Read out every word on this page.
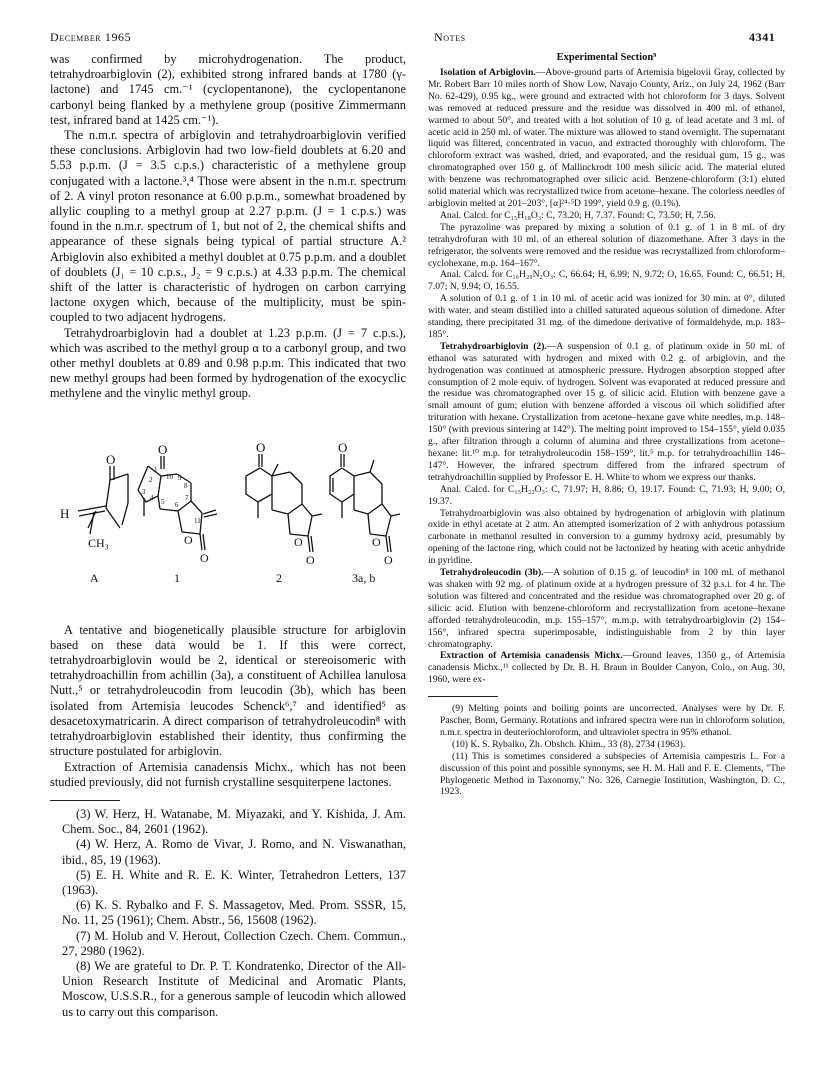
December 1965	Notes	4341

was confirmed by microhydrogenation. The product, tetrahydroarbiglovin (2), exhibited strong infrared bands at 1780 (γ-lactone) and 1745 cm.⁻¹ (cyclopentanone), the cyclopentanone carbonyl being flanked by a methylene group (positive Zimmermann test, infrared band at 1425 cm.⁻¹).

The n.m.r. spectra of arbiglovin and tetrahydroarbiglovin verified these conclusions. Arbiglovin had two low-field doublets at 6.20 and 5.53 p.p.m. (J = 3.5 c.p.s.) characteristic of a methylene group conjugated with a lactone.³,⁴ Those were absent in the n.m.r. spectrum of 2. A vinyl proton resonance at 6.00 p.p.m., somewhat broadened by allylic coupling to a methyl group at 2.27 p.p.m. (J = 1 c.p.s.) was found in the n.m.r. spectrum of 1, but not of 2, the chemical shifts and appearance of these signals being typical of partial structure A.² Arbiglovin also exhibited a methyl doublet at 0.75 p.p.m. and a doublet of doublets (J₁ = 10 c.p.s., J₂ = 9 c.p.s.) at 4.33 p.p.m. The chemical shift of the latter is characteristic of hydrogen on carbon carrying lactone oxygen which, because of the multiplicity, must be spin-coupled to two adjacent hydrogens.

Tetrahydroarbiglovin had a doublet at 1.23 p.p.m. (J = 7 c.p.s.), which was ascribed to the methyl group α to a carbonyl group, and two other methyl doublets at 0.89 and 0.98 p.p.m. This indicated that two new methyl groups had been formed by hydrogenation of the exocyclic methylene and the vinylic methyl group.

H
CH₃
O
O
O
O
O
O
O
O
O
O
1
2
3
4 5 6
7
8
9
10
11
A	1	2	3a, b

A tentative and biogenetically plausible structure for arbiglovin based on these data would be 1. If this were correct, tetrahydroarbiglovin would be 2, identical or stereoisomeric with tetrahydroachillin from achillin (3a), a constituent of Achillea lanulosa Nutt.,⁵ or tetrahydroleucodin from leucodin (3b), which has been isolated from Artemisia leucodes Schenck⁶,⁷ and identified⁵ as desacetoxymatricarin. A direct comparison of tetrahydroleucodin⁸ with tetrahydroarbiglovin established their identity, thus confirming the structure postulated for arbiglovin.

Extraction of Artemisia canadensis Michx., which has not been studied previously, did not furnish crystalline sesquiterpene lactones.

(3) W. Herz, H. Watanabe, M. Miyazaki, and Y. Kishida, J. Am. Chem. Soc., 84, 2601 (1962).

(4) W. Herz, A. Romo de Vivar, J. Romo, and N. Viswanathan, ibid., 85, 19 (1963).

(5) E. H. White and R. E. K. Winter, Tetrahedron Letters, 137 (1963).

(6) K. S. Rybalko and F. S. Massagetov, Med. Prom. SSSR, 15, No. 11, 25 (1961); Chem. Abstr., 56, 15608 (1962).

(7) M. Holub and V. Herout, Collection Czech. Chem. Commun., 27, 2980 (1962).

(8) We are grateful to Dr. P. T. Kondratenko, Director of the All-Union Research Institute of Medicinal and Aromatic Plants, Moscow, U.S.S.R., for a generous sample of leucodin which allowed us to carry out this comparison.

Experimental Section⁹

Isolation of Arbiglovin.—Above-ground parts of Artemisia bigelovii Gray, collected by Mr. Robert Barr 10 miles north of Show Low, Navajo County, Ariz., on July 24, 1962 (Barr No. 62-429), 0.95 kg., were ground and extracted with hot chloroform for 3 days. Solvent was removed at reduced pressure and the residue was dissolved in 400 ml. of ethanol, warmed to about 50°, and treated with a hot solution of 10 g. of lead acetate and 3 ml. of acetic acid in 250 ml. of water. The mixture was allowed to stand overnight. The supernatant liquid was filtered, concentrated in vacuo, and extracted thoroughly with chloroform. The chloroform extract was washed, dried, and evaporated, and the residual gum, 15 g., was chromatographed over 150 g. of Mallinckrodt 100 mesh silicic acid. The material eluted with benzene was rechromatographed over silicic acid. Benzene-chloroform (3:1) eluted solid material which was recrystallized twice from acetone–hexane. The colorless needles of arbiglovin melted at 201–203°, [α]²⁴·⁵D 199°, yield 0.9 g. (0.1%).

Anal. Calcd. for C₁₅H₁₈O₃: C, 73.20; H, 7.37. Found: C, 73.50; H, 7.56.

The pyrazoline was prepared by mixing a solution of 0.1 g. of 1 in 8 ml. of dry tetrahydrofuran with 10 ml. of an ethereal solution of diazomethane. After 3 days in the refrigerator, the solvents were removed and the residue was recrystallized from chloroform–cyclohexane, m.p. 164–167°.

Anal. Calcd. for C₁₆H₂₀N₂O₃: C, 66.64; H, 6.99; N, 9.72; O, 16.65. Found: C, 66.51; H, 7.07; N, 9.94; O, 16.55.

A solution of 0.1 g. of 1 in 10 ml. of acetic acid was ionized for 30 min. at 0°, diluted with water, and steam distilled into a chilled saturated aqueous solution of dimedone. After standing, there precipitated 31 mg. of the dimedone derivative of formaldehyde, m.p. 183–185°.

Tetrahydroarbiglovin (2).—A suspension of 0.1 g. of platinum oxide in 50 ml. of ethanol was saturated with hydrogen and mixed with 0.2 g. of arbiglovin, and the hydrogenation was continued at atmospheric pressure. Hydrogen absorption stopped after consumption of 2 mole equiv. of hydrogen. Solvent was evaporated at reduced pressure and the residue was chromatographed over 15 g. of silicic acid. Elution with benzene gave a small amount of gum; elution with benzene afforded a viscous oil which solidified after trituration with hexane. Crystallization from acetone–hexane gave white needles, m.p. 148–150° (with previous sintering at 142°). The melting point improved to 154–155°, yield 0.035 g., after filtration through a column of alumina and three crystallizations from acetone–hexane: lit.¹⁰ m.p. for tetrahydroleucodin 158–159°, lit.⁵ m.p. for tetrahydroachillin 146–147°. However, the infrared spectrum differed from the infrared spectrum of tetrahydroachillin supplied by Professor E. H. White to whom we express our thanks.

Anal. Calcd. for C₁₅H₂₂O₃: C, 71.97; H, 8.86; O, 19.17. Found: C, 71.93; H, 9.00; O, 19.37.

Tetrahydroarbiglovin was also obtained by hydrogenation of arbiglovin with platinum oxide in ethyl acetate at 2 atm. An attempted isomerization of 2 with anhydrous potassium carbonate in methanol resulted in conversion to a gummy hydroxy acid, presumably by opening of the lactone ring, which could not be lactonized by heating with acetic anhydride in pyridine.

Tetrahydroleucodin (3b).—A solution of 0.15 g. of leucodin⁸ in 100 ml. of methanol was shaken with 92 mg. of platinum oxide at a hydrogen pressure of 32 p.s.i. for 4 hr. The solution was filtered and concentrated and the residue was chromatographed over 20 g. of silicic acid. Elution with benzene-chloroform and recrystallization from acetone–hexane afforded tetrahydroleucodin, m.p. 155–157°, m.m.p. with tetrahydroarbiglovin (2) 154–156°, infrared spectra superimposable, indistinguishable from 2 by thin layer chromatography.

Extraction of Artemisia canadensis Michx.—Ground leaves, 1350 g., of Artemisia canadensis Michx.,¹¹ collected by Dr. B. H. Braun in Boulder Canyon, Colo., on Aug. 30, 1960, were ex-

(9) Melting points and boiling points are uncorrected. Analyses were by Dr. F. Pascher, Bonn, Germany. Rotations and infrared spectra were run in chloroform solution, n.m.r. spectra in deuteriochloroform, and ultraviolet spectra in 95% ethanol.

(10) K. S. Rybalko, Zh. Obshch. Khim., 33 (8), 2734 (1963).

(11) This is sometimes considered a subspecies of Artemisia campestris L. For a discussion of this point and possible synonyms, see H. M. Hall and F. E. Clements, "The Phylogenetic Method in Taxonomy," No. 326, Carnegie Institution, Washington, D. C., 1923.
